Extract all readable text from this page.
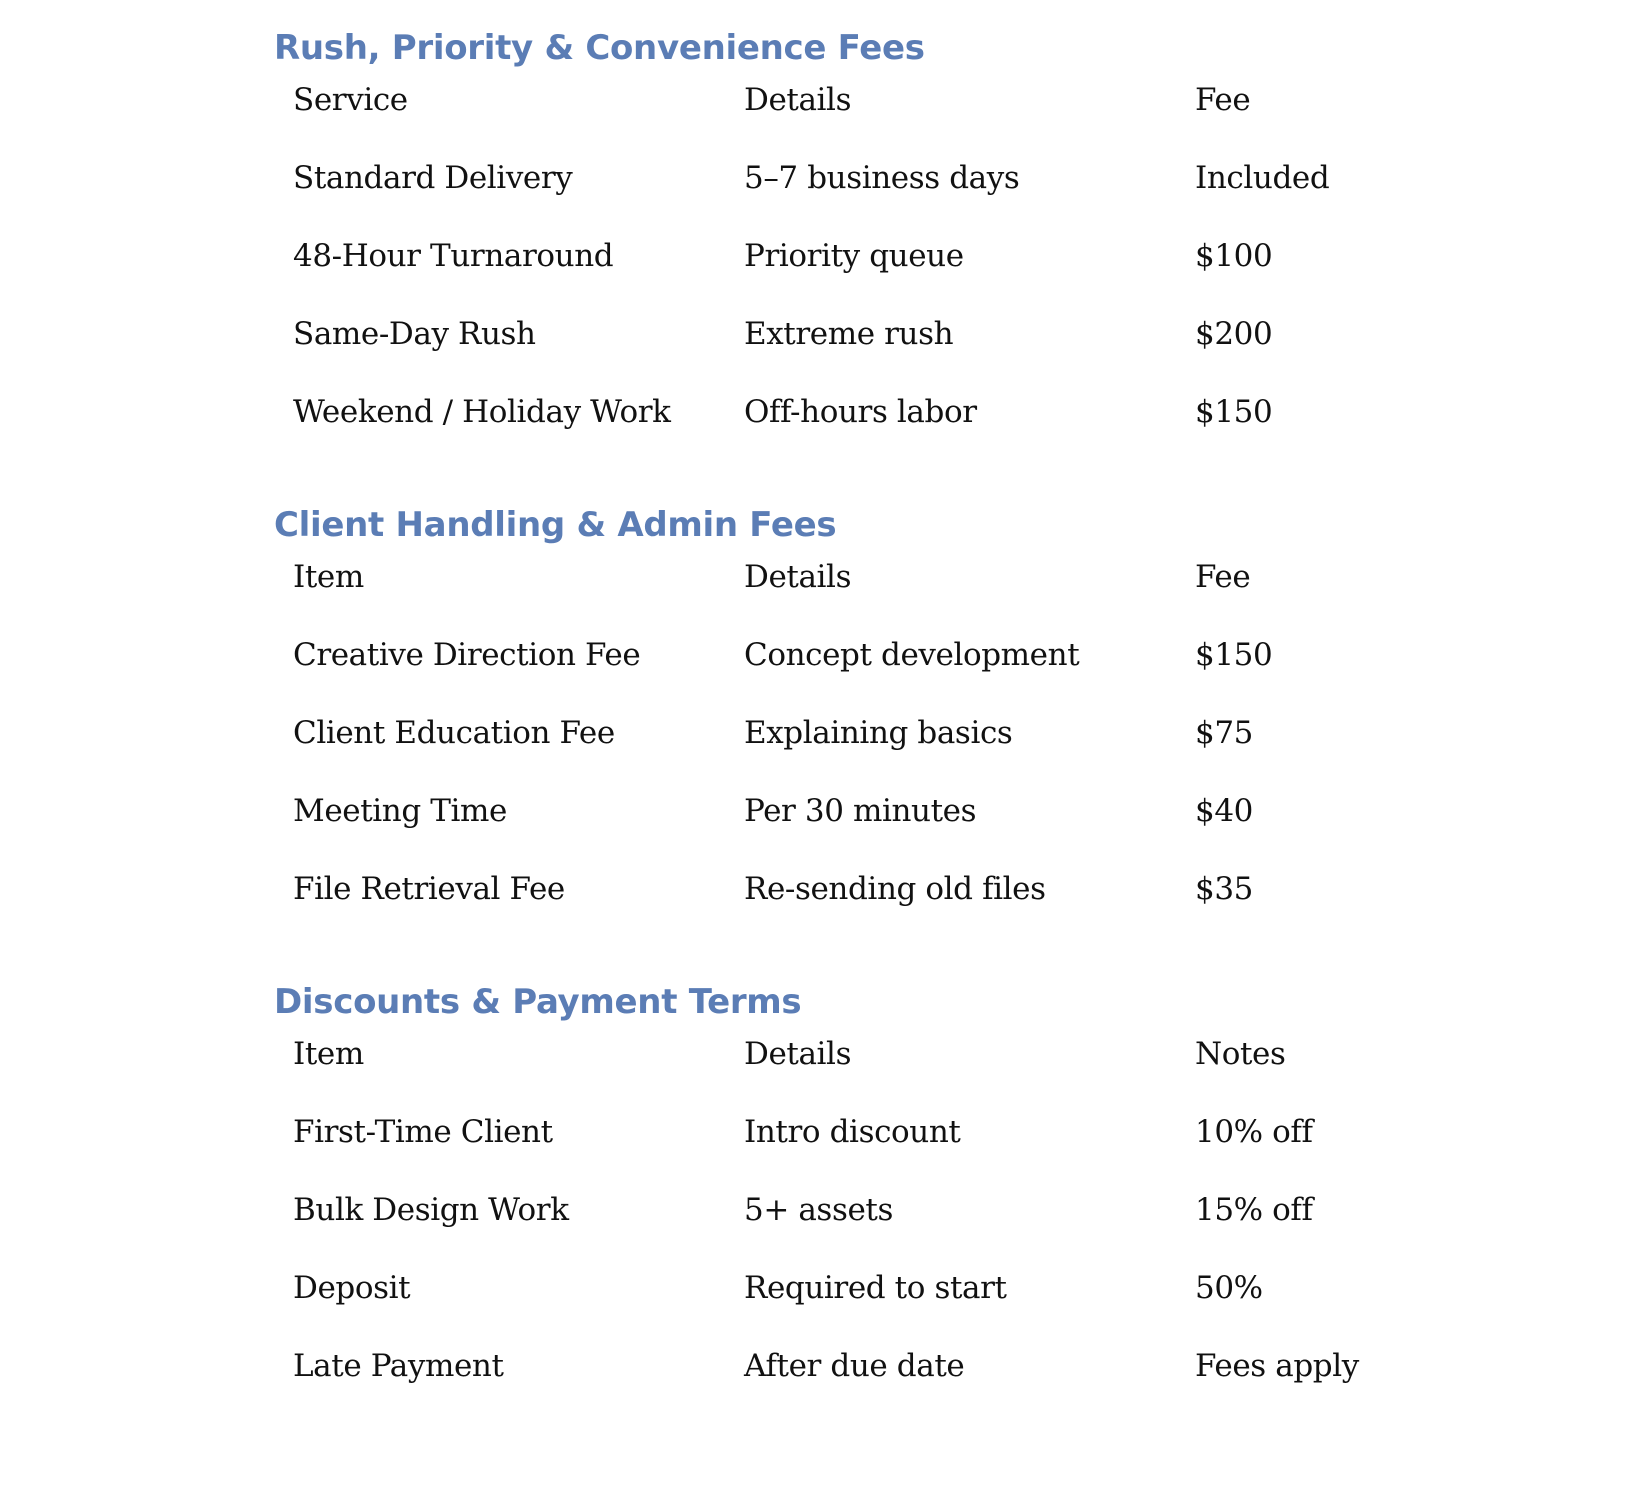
Rush, Priority & Convenience Fees
Service	Details	Fee
Standard Delivery	5–7 business days	Included
48-Hour Turnaround	Priority queue	$100
Same-Day Rush	Extreme rush	$200
Weekend / Holiday Work	Off-hours labor	$150
Client Handling & Admin Fees
Item	Details	Fee
Creative Direction Fee	Concept development	$150
Client Education Fee	Explaining basics	$75
Meeting Time	Per 30 minutes	$40
File Retrieval Fee	Re-sending old files	$35
Discounts & Payment Terms
Item	Details	Notes
First-Time Client	Intro discount	10% off
Bulk Design Work	5+ assets	15% off
Deposit	Required to start	50%
Late Payment	After due date	Fees apply
